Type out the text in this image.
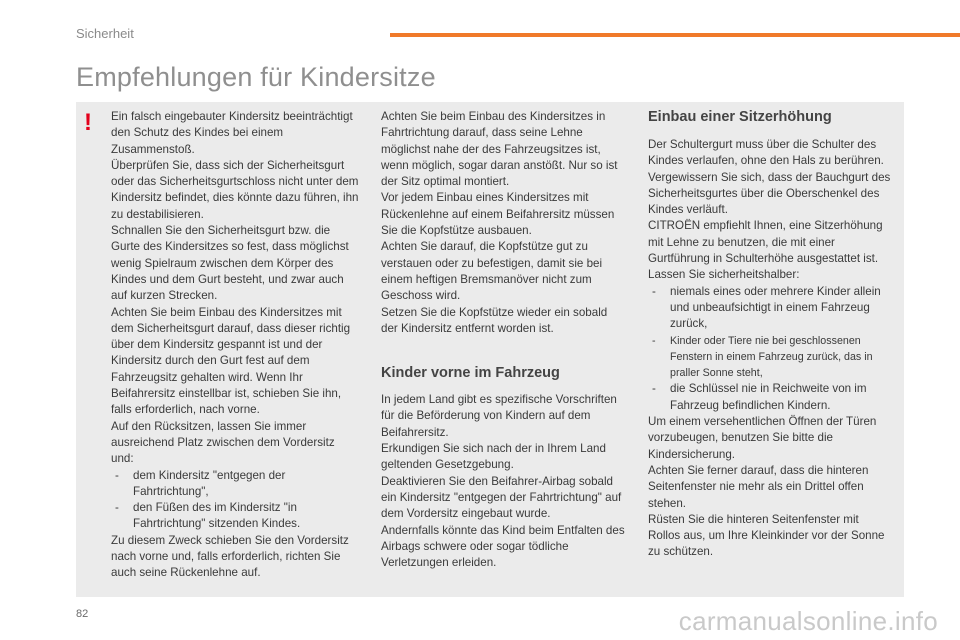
Sicherheit
Empfehlungen für Kindersitze
!	Ein falsch eingebauter Kindersitz beeinträchtigt den Schutz des Kindes bei einem Zusammenstoß.

Überprüfen Sie, dass sich der Sicherheitsgurt oder das Sicherheitsgurtschloss nicht unter dem Kindersitz befindet, dies könnte dazu führen, ihn zu destabilisieren.

Schnallen Sie den Sicherheitsgurt bzw. die Gurte des Kindersitzes so fest, dass möglichst wenig Spielraum zwischen dem Körper des Kindes und dem Gurt besteht, und zwar auch auf kurzen Strecken.

Achten Sie beim Einbau des Kindersitzes mit dem Sicherheitsgurt darauf, dass dieser richtig über dem Kindersitz gespannt ist und der Kindersitz durch den Gurt fest auf dem Fahrzeugsitz gehalten wird. Wenn Ihr Beifahrersitz einstellbar ist, schieben Sie ihn, falls erforderlich, nach vorne.

Auf den Rücksitzen, lassen Sie immer ausreichend Platz zwischen dem Vordersitz und:

- dem Kindersitz "entgegen der Fahrtrichtung",

- den Füßen des im Kindersitz "in Fahrtrichtung" sitzenden Kindes.

Zu diesem Zweck schieben Sie den Vordersitz nach vorne und, falls erforderlich, richten Sie auch seine Rückenlehne auf.

Achten Sie beim Einbau des Kindersitzes in Fahrtrichtung darauf, dass seine Lehne möglichst nahe der des Fahrzeugsitzes ist, wenn möglich, sogar daran anstößt. Nur so ist der Sitz optimal montiert.

Vor jedem Einbau eines Kindersitzes mit Rückenlehne auf einem Beifahrersitz müssen Sie die Kopfstütze ausbauen.

Achten Sie darauf, die Kopfstütze gut zu verstauen oder zu befestigen, damit sie bei einem heftigen Bremsmanöver nicht zum Geschoss wird.

Setzen Sie die Kopfstütze wieder ein sobald der Kindersitz entfernt worden ist.

Kinder vorne im Fahrzeug

In jedem Land gibt es spezifische Vorschriften für die Beförderung von Kindern auf dem Beifahrersitz.

Erkundigen Sie sich nach der in Ihrem Land geltenden Gesetzgebung.

Deaktivieren Sie den Beifahrer-Airbag sobald ein Kindersitz "entgegen der Fahrtrichtung" auf dem Vordersitz eingebaut wurde.

Andernfalls könnte das Kind beim Entfalten des Airbags schwere oder sogar tödliche Verletzungen erleiden.

Einbau einer Sitzerhöhung

Der Schultergurt muss über die Schulter des Kindes verlaufen, ohne den Hals zu berühren.

Vergewissern Sie sich, dass der Bauchgurt des Sicherheitsgurtes über die Oberschenkel des Kindes verläuft.

CITROËN empfiehlt Ihnen, eine Sitzerhöhung mit Lehne zu benutzen, die mit einer Gurtführung in Schulterhöhe ausgestattet ist.

Lassen Sie sicherheitshalber:

- niemals eines oder mehrere Kinder allein und unbeaufsichtigt in einem Fahrzeug zurück,

- Kinder oder Tiere nie bei geschlossenen Fenstern in einem Fahrzeug zurück, das in praller Sonne steht,

- die Schlüssel nie in Reichweite von im Fahrzeug befindlichen Kindern.

Um einem versehentlichen Öffnen der Türen vorzubeugen, benutzen Sie bitte die Kindersicherung.

Achten Sie ferner darauf, dass die hinteren Seitenfenster nie mehr als ein Drittel offen stehen.

Rüsten Sie die hinteren Seitenfenster mit Rollos aus, um Ihre Kleinkinder vor der Sonne zu schützen.

82	carmanualsonline.info
